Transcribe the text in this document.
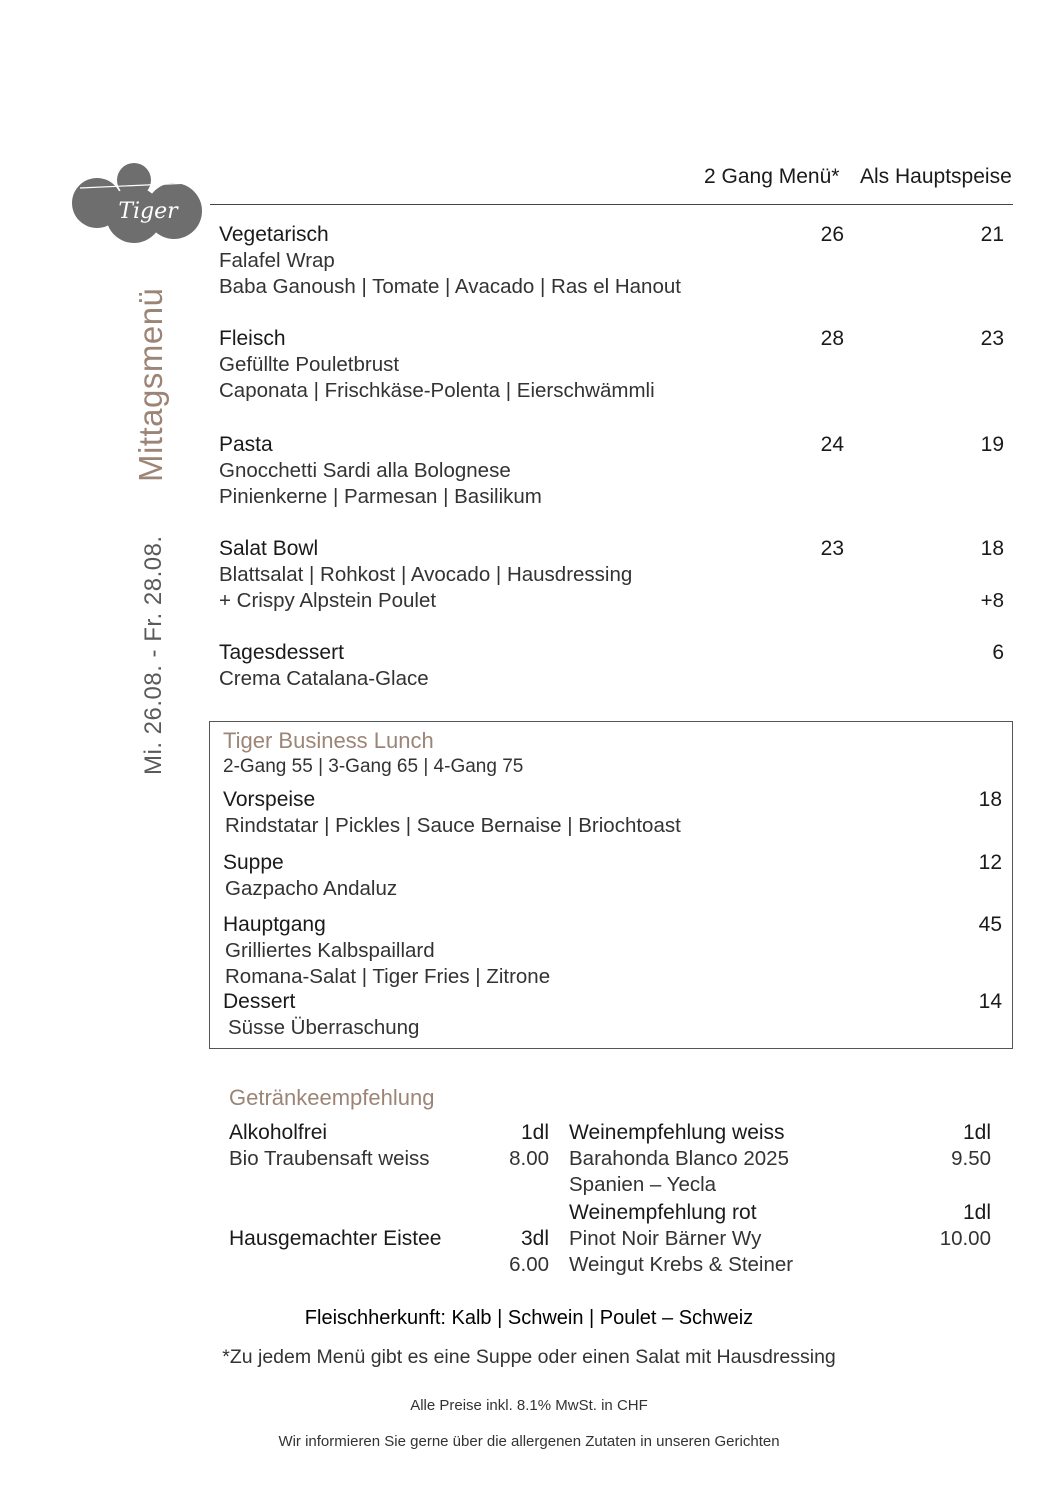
Tiger
Mittagsmenü
Mi. 26.08. - Fr. 28.08.
2 Gang Menü* Als Hauptspeise
Vegetarisch	26	21
Falafel Wrap
Baba Ganoush | Tomate | Avacado | Ras el Hanout
Fleisch	28	23
Gefüllte Pouletbrust
Caponata | Frischkäse-Polenta | Eierschwämmli
Pasta	24	19
Gnocchetti Sardi alla Bolognese
Pinienkerne | Parmesan | Basilikum
Salat Bowl	23	18
Blattsalat | Rohkost | Avocado | Hausdressing
+ Crispy Alpstein Poulet	+8
Tagesdessert	6
Crema Catalana-Glace
Tiger Business Lunch
2-Gang 55 | 3-Gang 65 | 4-Gang 75
Vorspeise	18
Rindstatar | Pickles | Sauce Bernaise | Briochtoast
Suppe	12
Gazpacho Andaluz
Hauptgang	45
Grilliertes Kalbspaillard
Romana-Salat | Tiger Fries | Zitrone
Dessert	14
Süsse Überraschung
Getränkeempfehlung
Alkoholfrei	1dl
Bio Traubensaft weiss	8.00
Hausgemachter Eistee	3dl
6.00
Weinempfehlung weiss	1dl
Barahonda Blanco 2025	9.50
Spanien – Yecla
Weinempfehlung rot	1dl
Pinot Noir Bärner Wy	10.00
Weingut Krebs & Steiner
Fleischherkunft: Kalb | Schwein | Poulet – Schweiz
*Zu jedem Menü gibt es eine Suppe oder einen Salat mit Hausdressing
Alle Preise inkl. 8.1% MwSt. in CHF
Wir informieren Sie gerne über die allergenen Zutaten in unseren Gerichten
